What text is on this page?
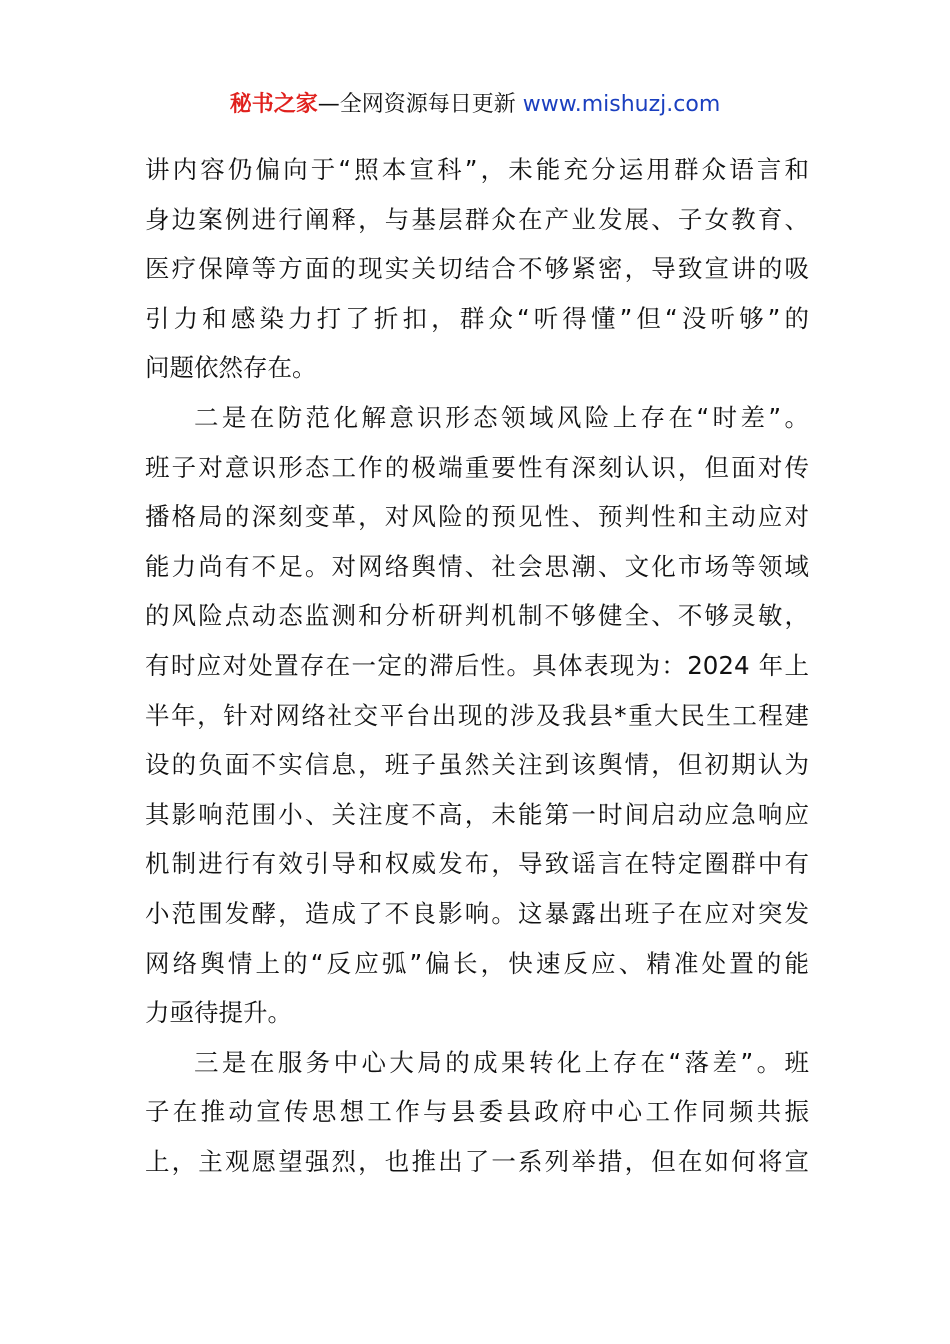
秘书之家—全网资源每日更新 www.mishuzj.com
讲内容仍偏向于“照本宣科”，未能充分运用群众语言和
身边案例进行阐释，与基层群众在产业发展、子女教育、
医疗保障等方面的现实关切结合不够紧密，导致宣讲的吸
引力和感染力打了折扣，群众“听得懂”但“没听够”的
问题依然存在。
二是在防范化解意识形态领域风险上存在“时差”。
班子对意识形态工作的极端重要性有深刻认识，但面对传
播格局的深刻变革，对风险的预见性、预判性和主动应对
能力尚有不足。对网络舆情、社会思潮、文化市场等领域
的风险点动态监测和分析研判机制不够健全、不够灵敏，
有时应对处置存在一定的滞后性。具体表现为：2024 年上
半年，针对网络社交平台出现的涉及我县*重大民生工程建
设的负面不实信息，班子虽然关注到该舆情，但初期认为
其影响范围小、关注度不高，未能第一时间启动应急响应
机制进行有效引导和权威发布，导致谣言在特定圈群中有
小范围发酵，造成了不良影响。这暴露出班子在应对突发
网络舆情上的“反应弧”偏长，快速反应、精准处置的能
力亟待提升。
三是在服务中心大局的成果转化上存在“落差”。班
子在推动宣传思想工作与县委县政府中心工作同频共振
上，主观愿望强烈，也推出了一系列举措，但在如何将宣
